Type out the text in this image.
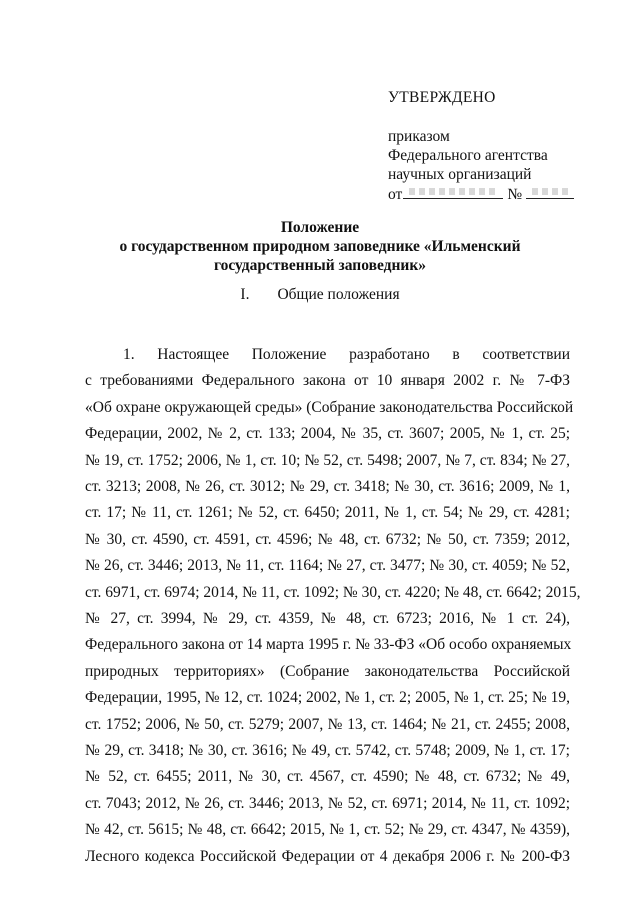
УТВЕРЖДЕНО
приказом
Федерального агентства
научных организаций
от	№
Положение
о государственном природном заповеднике «Ильменский
государственный заповедник»
I. Общие положения
1. Настоящее Положение разработано в соответствии
с требованиями Федерального закона от 10 января 2002 г. № 7-ФЗ
«Об охране окружающей среды» (Собрание законодательства Российской
Федерации, 2002, № 2, ст. 133; 2004, № 35, ст. 3607; 2005, № 1, ст. 25;
№ 19, ст. 1752; 2006, № 1, ст. 10; № 52, ст. 5498; 2007, № 7, ст. 834; № 27,
ст. 3213; 2008, № 26, ст. 3012; № 29, ст. 3418; № 30, ст. 3616; 2009, № 1,
ст. 17; № 11, ст. 1261; № 52, ст. 6450; 2011, № 1, ст. 54; № 29, ст. 4281;
№ 30, ст. 4590, ст. 4591, ст. 4596; № 48, ст. 6732; № 50, ст. 7359; 2012,
№ 26, ст. 3446; 2013, № 11, ст. 1164; № 27, ст. 3477; № 30, ст. 4059; № 52,
ст. 6971, ст. 6974; 2014, № 11, ст. 1092; № 30, ст. 4220; № 48, ст. 6642; 2015,
№ 27, ст. 3994, № 29, ст. 4359, № 48, ст. 6723; 2016, № 1 ст. 24),
Федерального закона от 14 марта 1995 г. № 33-ФЗ «Об особо охраняемых
природных территориях» (Собрание законодательства Российской
Федерации, 1995, № 12, ст. 1024; 2002, № 1, ст. 2; 2005, № 1, ст. 25; № 19,
ст. 1752; 2006, № 50, ст. 5279; 2007, № 13, ст. 1464; № 21, ст. 2455; 2008,
№ 29, ст. 3418; № 30, ст. 3616; № 49, ст. 5742, ст. 5748; 2009, № 1, ст. 17;
№ 52, ст. 6455; 2011, № 30, ст. 4567, ст. 4590; № 48, ст. 6732; № 49,
ст. 7043; 2012, № 26, ст. 3446; 2013, № 52, ст. 6971; 2014, № 11, ст. 1092;
№ 42, ст. 5615; № 48, ст. 6642; 2015, № 1, ст. 52; № 29, ст. 4347, № 4359),
Лесного кодекса Российской Федерации от 4 декабря 2006 г. № 200-ФЗ
